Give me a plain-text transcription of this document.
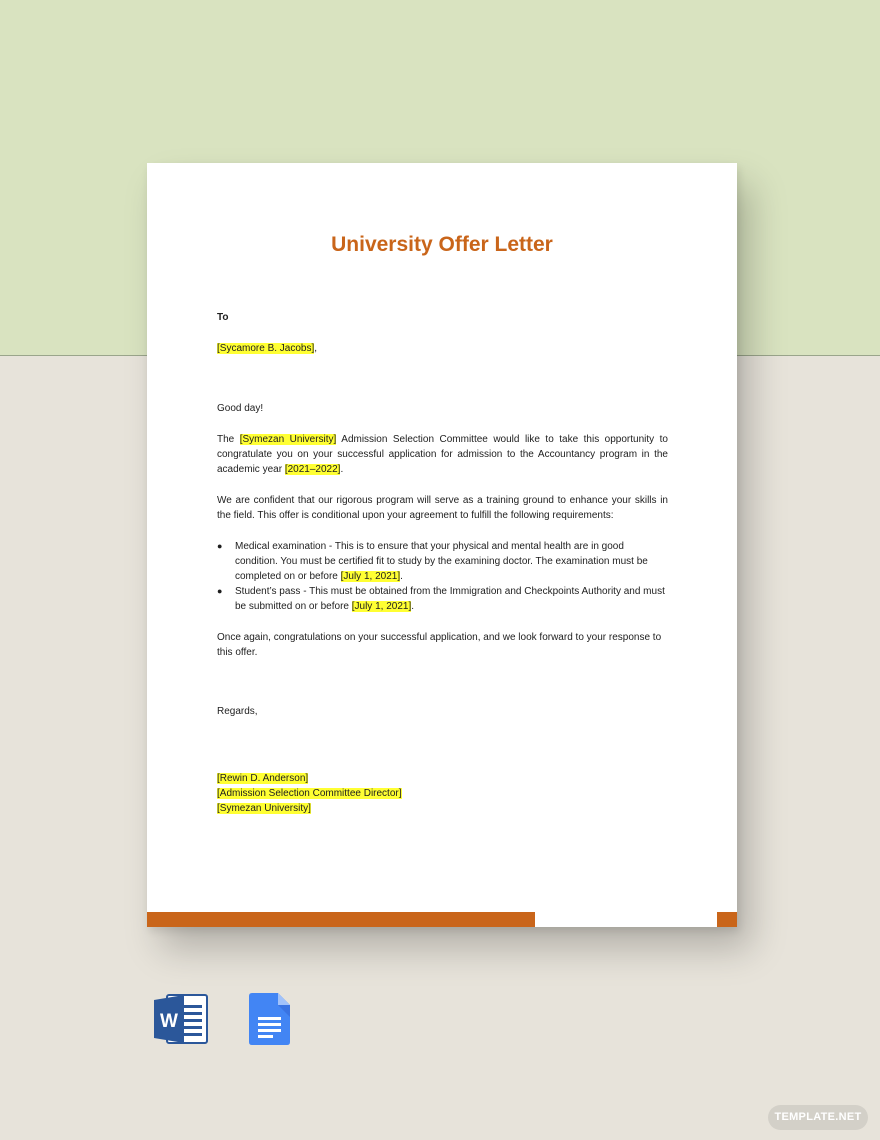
University Offer Letter

To

[Sycamore B. Jacobs],

Good day!

The [Symezan University] Admission Selection Committee would like to take this opportunity to congratulate you on your successful application for admission to the Accountancy program in the academic year [2021–2022].

We are confident that our rigorous program will serve as a training ground to enhance your skills in the field. This offer is conditional upon your agreement to fulfill the following requirements:

● Medical examination - This is to ensure that your physical and mental health are in good condition. You must be certified fit to study by the examining doctor. The examination must be completed on or before [July 1, 2021].
● Student’s pass - This must be obtained from the Immigration and Checkpoints Authority and must be submitted on or before [July 1, 2021].

Once again, congratulations on your successful application, and we look forward to your response to this offer.

Regards,

[Rewin D. Anderson]
[Admission Selection Committee Director]
[Symezan University]
W
TEMPLATE.NET
